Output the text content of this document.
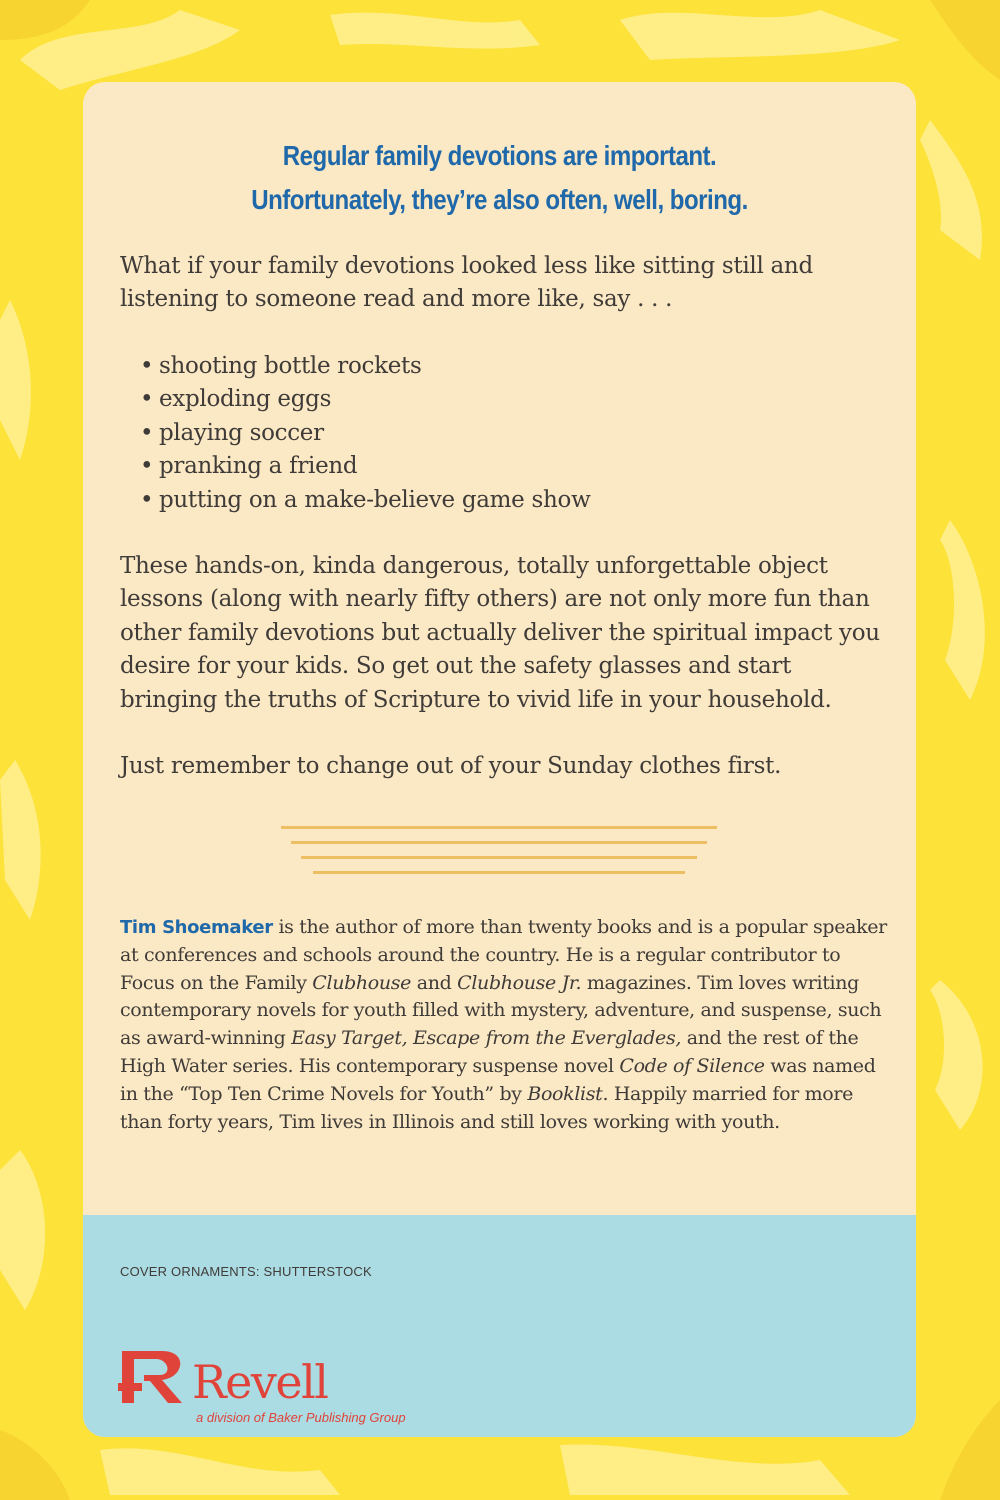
Regular family devotions are important.
Unfortunately, they’re also often, well, boring.

What if your family devotions looked less like sitting still and listening to someone read and more like, say . . .

• shooting bottle rockets
• exploding eggs
• playing soccer
• pranking a friend
• putting on a make-believe game show

These hands-on, kinda dangerous, totally unforgettable object lessons (along with nearly fifty others) are not only more fun than other family devotions but actually deliver the spiritual impact you desire for your kids. So get out the safety glasses and start bringing the truths of Scripture to vivid life in your household.

Just remember to change out of your Sunday clothes first.

Tim Shoemaker is the author of more than twenty books and is a popular speaker at conferences and schools around the country. He is a regular contributor to Focus on the Family Clubhouse and Clubhouse Jr. magazines. Tim loves writing contemporary novels for youth filled with mystery, adventure, and suspense, such as award-winning Easy Target, Escape from the Everglades, and the rest of the High Water series. His contemporary suspense novel Code of Silence was named in the “Top Ten Crime Novels for Youth” by Booklist. Happily married for more than forty years, Tim lives in Illinois and still loves working with youth.

COVER ORNAMENTS: SHUTTERSTOCK
Revell
a division of Baker Publishing Group
